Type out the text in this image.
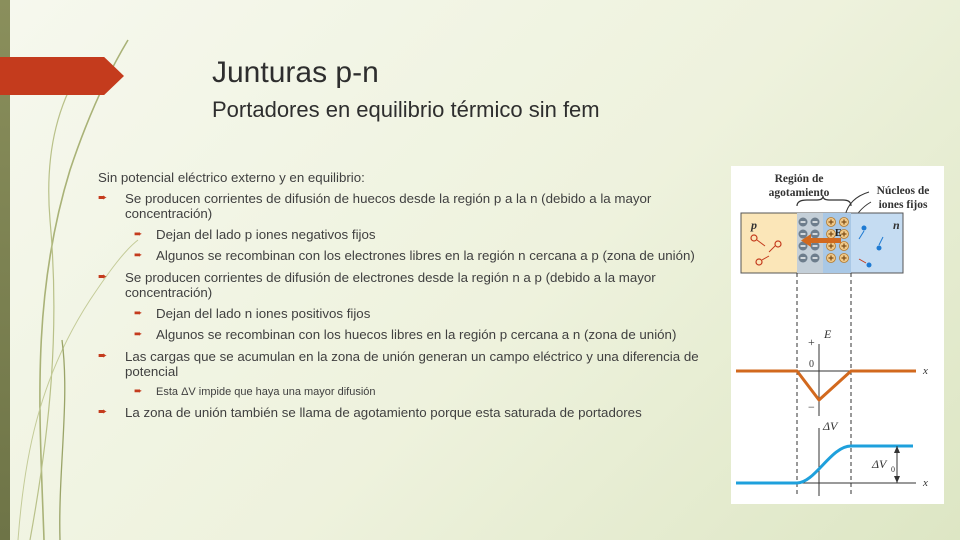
Junturas p-n
Portadores en equilibrio térmico sin fem

Sin potencial eléctrico externo y en equilibrio:

➨ Se producen corrientes de difusión de huecos desde la región p a la n (debido a la mayor concentración)

➨ Dejan del lado p iones negativos fijos

➨ Algunos se recombinan con los electrones libres en la región n cercana a p (zona de unión)

➨ Se producen corrientes de difusión de electrones desde la región n a p (debido a la mayor concentración)

➨ Dejan del lado n iones positivos fijos

➨ Algunos se recombinan con los huecos libres en la región p cercana a n (zona de unión)

➨ Las cargas que se acumulan en la zona de unión generan un campo eléctrico y una diferencia de potencial

➨ Esta ΔV impide que haya una mayor difusión

➨ La zona de unión también se llama de agotamiento porque esta saturada de portadores

Región de
agotamiento	Núcleos de
iones fijos
p	n
E
+
E
0
−
x
ΔV
x
ΔV 0
